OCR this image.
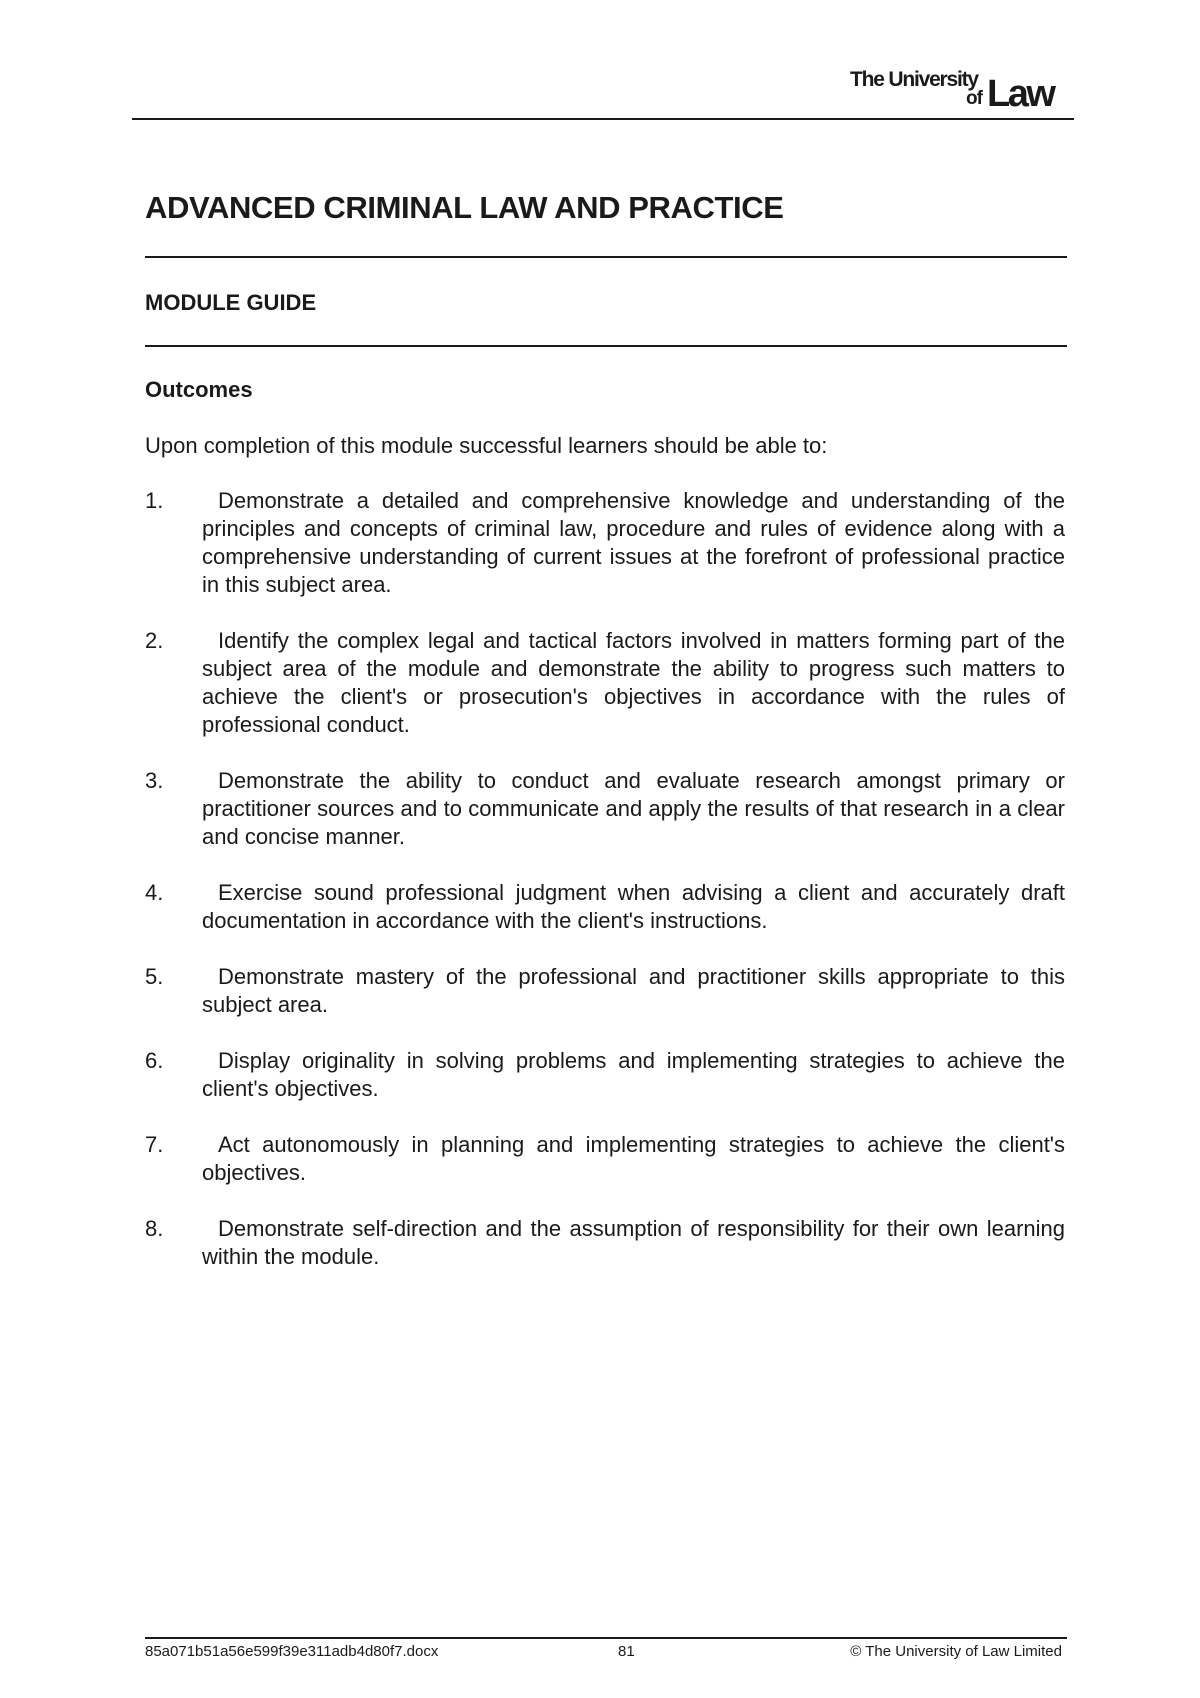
The University
of Law
ADVANCED CRIMINAL LAW AND PRACTICE
MODULE GUIDE
Outcomes

Upon completion of this module successful learners should be able to:

1.	Demonstrate a detailed and comprehensive knowledge and understanding of the principles and concepts of criminal law, procedure and rules of evidence along with a comprehensive understanding of current issues at the forefront of professional practice in this subject area.
2.	Identify the complex legal and tactical factors involved in matters forming part of the subject area of the module and demonstrate the ability to progress such matters to achieve the client's or prosecution's objectives in accordance with the rules of professional conduct.
3.	Demonstrate the ability to conduct and evaluate research amongst primary or practitioner sources and to communicate and apply the results of that research in a clear and concise manner.
4.	Exercise sound professional judgment when advising a client and accurately draft documentation in accordance with the client's instructions.
5.	Demonstrate mastery of the professional and practitioner skills appropriate to this subject area.
6.	Display originality in solving problems and implementing strategies to achieve the client's objectives.
7.	Act autonomously in planning and implementing strategies to achieve the client's objectives.
8.	Demonstrate self-direction and the assumption of responsibility for their own learning within the module.
85a071b51a56e599f39e311adb4d80f7.docx	81	© The University of Law Limited
